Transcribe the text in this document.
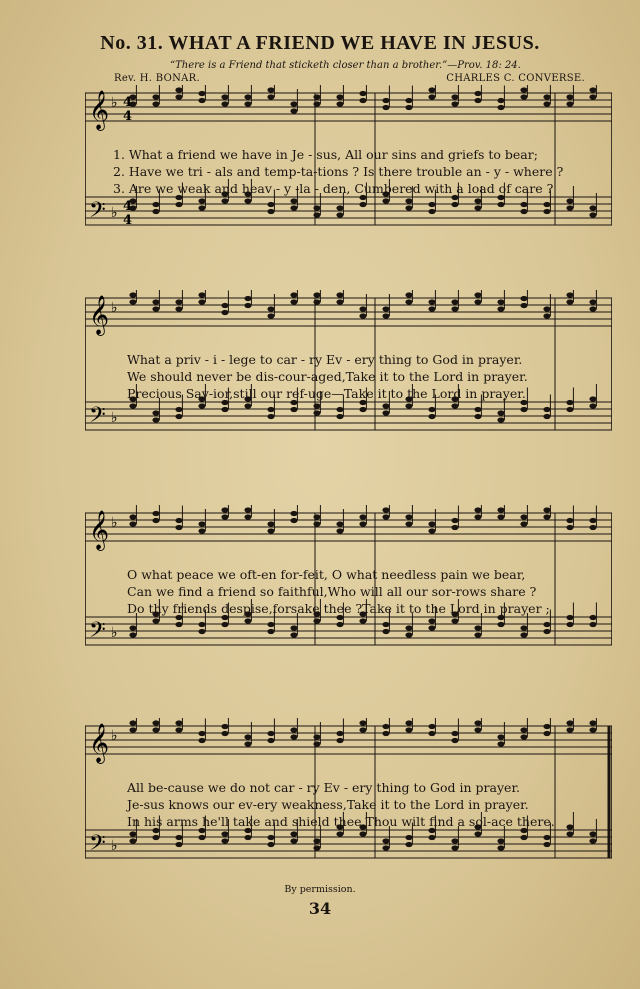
No. 31. WHAT A FRIEND WE HAVE IN JESUS.
“There is a Friend that sticketh closer than a brother.”—Prov. 18: 24.
Rev. H. BONAR.	CHARLES C. CONVERSE.
𝄞
𝄢
♭
♭
4
4
4
4
1. What a friend we have in Je - sus, All our sins and griefs to bear;
2. Have we tri - als and temp-ta-tions ? Is there trouble an - y - where ?
3. Are we weak and heav - y -la - den, Cumbered with a load of care ?
𝄞
𝄢
♭
♭
What a priv - i - lege to car - ry Ev - ery thing to God in prayer.
We should never be dis-cour-aged,Take it to the Lord in prayer.
Precious Sav-ior,still our ref-uge—Take it to the Lord in prayer.
𝄞
𝄢
♭
♭
O what peace we oft-en for-feit, O what needless pain we bear,
Can we find a friend so faithful,Who will all our sor-rows share ?
Do thy friends despise,forsake thee ?Take it to the Lord in prayer ;
𝄞
𝄢
♭
♭
All be-cause we do not car - ry Ev - ery thing to God in prayer.
Je-sus knows our ev-ery weakness,Take it to the Lord in prayer.
In his arms he'll take and shield thee,Thou wilt find a sol-ace there.
By permission.
34
